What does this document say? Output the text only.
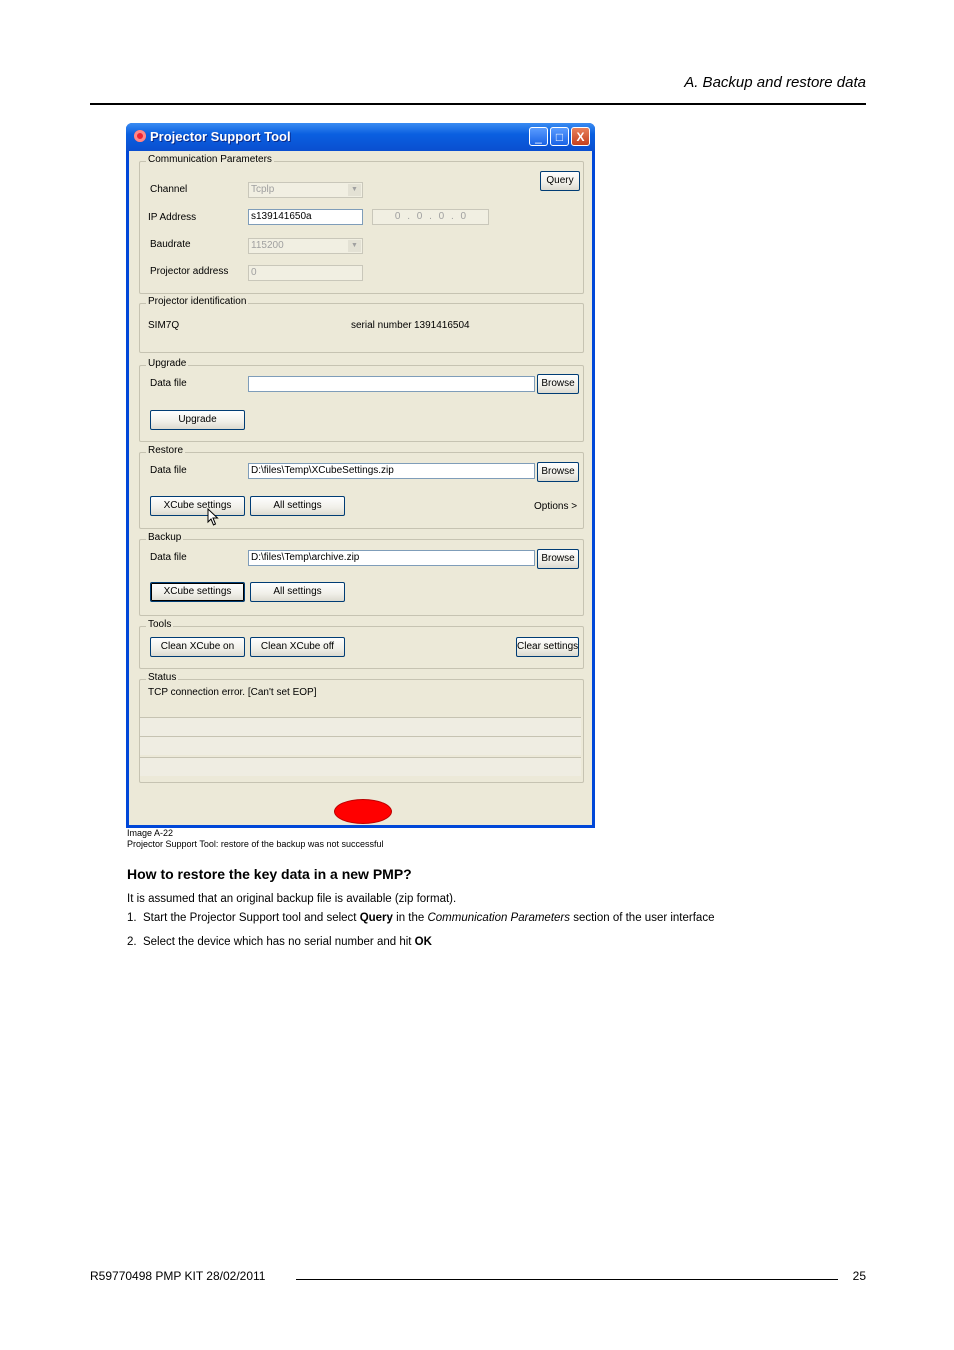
A. Backup and restore data
Projector Support Tool	_	□	X
Communication Parameters
Channel	Tcplp	▼
Query
IP Address	s139141650a	0 . 0 . 0 . 0
Baudrate	115200	▼
Projector address	0
Projector identification
SIM7Q	serial number 1391416504
Upgrade
Data file	Browse
Upgrade
Restore
Data file	D:\files\Temp\XCubeSettings.zip	Browse
XCube settings	All settings	Options >
Backup
Data file	D:\files\Temp\archive.zip	Browse
XCube settings	All settings
Tools
Clean XCube on	Clean XCube off	Clear settings
Status
TCP connection error. [Can't set EOP]
Image A-22
Projector Support Tool: restore of the backup was not successful
How to restore the key data in a new PMP?
It is assumed that an original backup file is available (zip format).
1. Start the Projector Support tool and select Query in the Communication Parameters section of the user interface
2. Select the device which has no serial number and hit OK
R59770498 PMP KIT 28/02/2011	25
